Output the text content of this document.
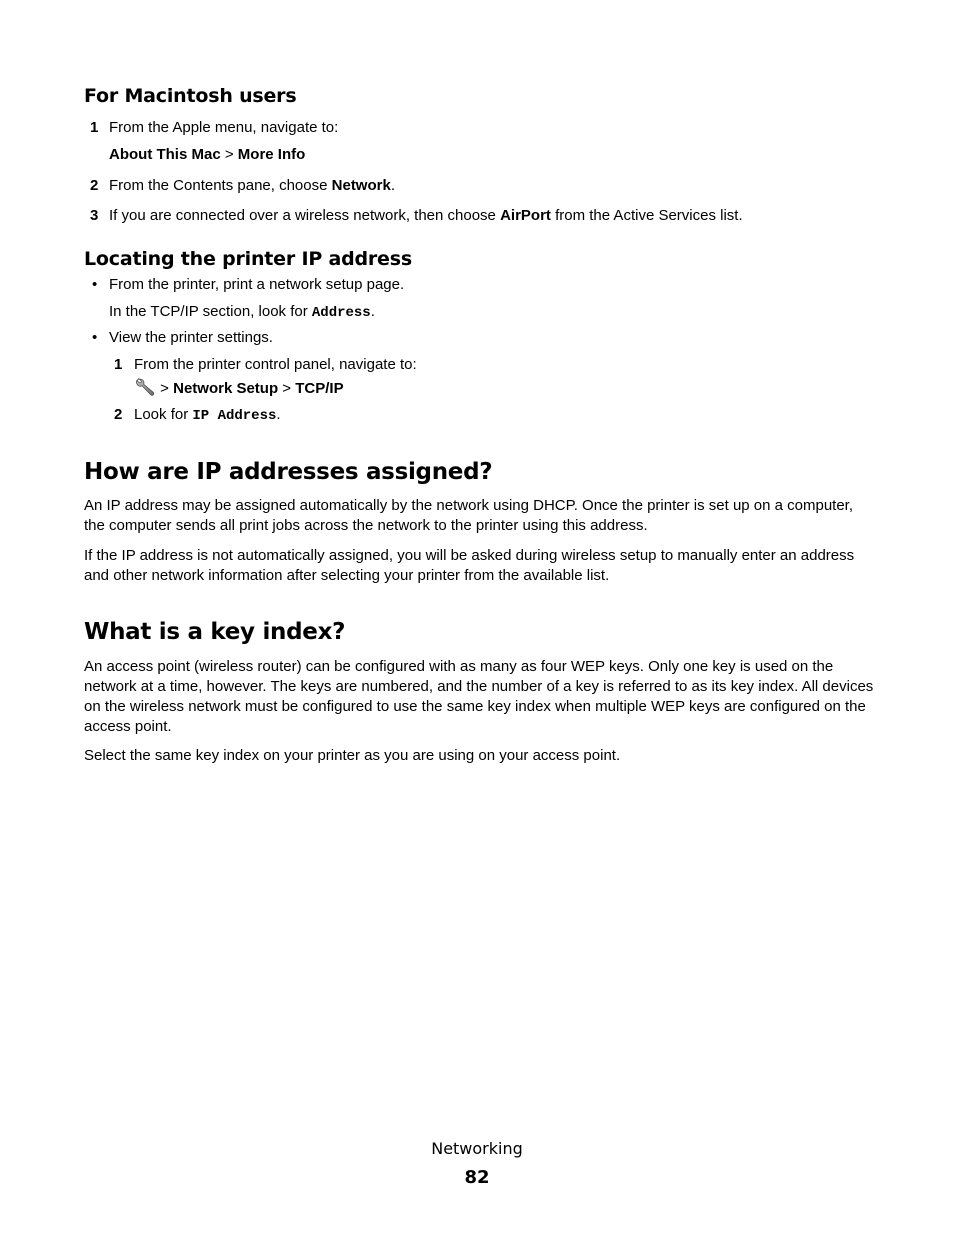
For Macintosh users
1 From the Apple menu, navigate to:
About This Mac > More Info
2 From the Contents pane, choose Network.
3 If you are connected over a wireless network, then choose AirPort from the Active Services list.
Locating the printer IP address
• From the printer, print a network setup page.
In the TCP/IP section, look for Address.
• View the printer settings.
1 From the printer control panel, navigate to:
> Network Setup > TCP/IP
2 Look for IP Address.
How are IP addresses assigned?
An IP address may be assigned automatically by the network using DHCP. Once the printer is set up on a computer, the computer sends all print jobs across the network to the printer using this address.
If the IP address is not automatically assigned, you will be asked during wireless setup to manually enter an address and other network information after selecting your printer from the available list.
What is a key index?
An access point (wireless router) can be configured with as many as four WEP keys. Only one key is used on the network at a time, however. The keys are numbered, and the number of a key is referred to as its key index. All devices on the wireless network must be configured to use the same key index when multiple WEP keys are configured on the access point.
Select the same key index on your printer as you are using on your access point.
Networking
82
